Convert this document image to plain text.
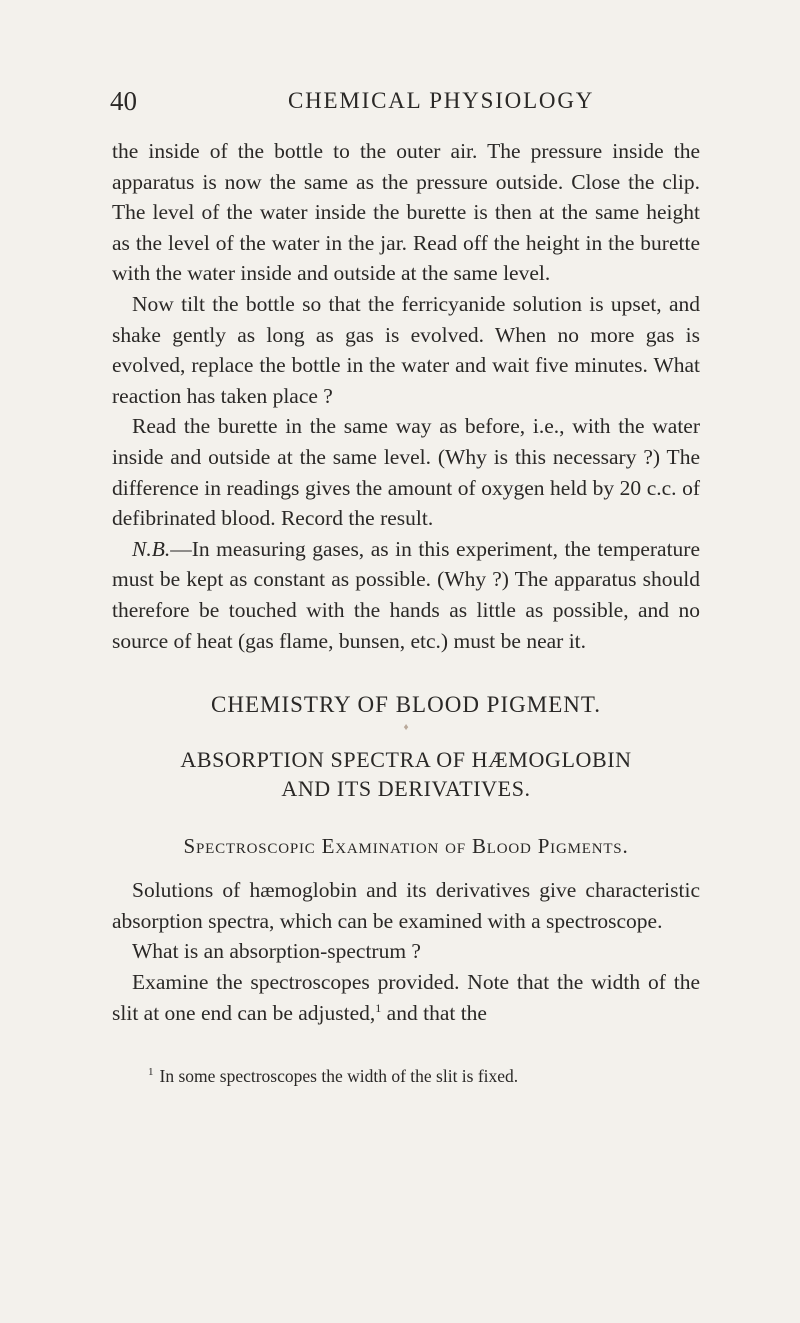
40	CHEMICAL PHYSIOLOGY

the inside of the bottle to the outer air. The pressure inside the apparatus is now the same as the pressure outside. Close the clip. The level of the water inside the burette is then at the same height as the level of the water in the jar. Read off the height in the burette with the water inside and outside at the same level.

Now tilt the bottle so that the ferricyanide solution is upset, and shake gently as long as gas is evolved. When no more gas is evolved, replace the bottle in the water and wait five minutes. What reaction has taken place ?

Read the burette in the same way as before, i.e., with the water inside and outside at the same level. (Why is this necessary ?) The difference in readings gives the amount of oxygen held by 20 c.c. of defibrinated blood. Record the result.

N.B.—In measuring gases, as in this experiment, the temperature must be kept as constant as possible. (Why ?) The apparatus should therefore be touched with the hands as little as possible, and no source of heat (gas flame, bunsen, etc.) must be near it.

CHEMISTRY OF BLOOD PIGMENT.

♦

ABSORPTION SPECTRA OF HÆMOGLOBIN
AND ITS DERIVATIVES.

Spectroscopic Examination of Blood Pigments.

Solutions of hæmoglobin and its derivatives give characteristic absorption spectra, which can be examined with a spectroscope.

What is an absorption-spectrum ?

Examine the spectroscopes provided. Note that the width of the slit at one end can be adjusted,$^1$ and that the

$^1$ In some spectroscopes the width of the slit is fixed.
